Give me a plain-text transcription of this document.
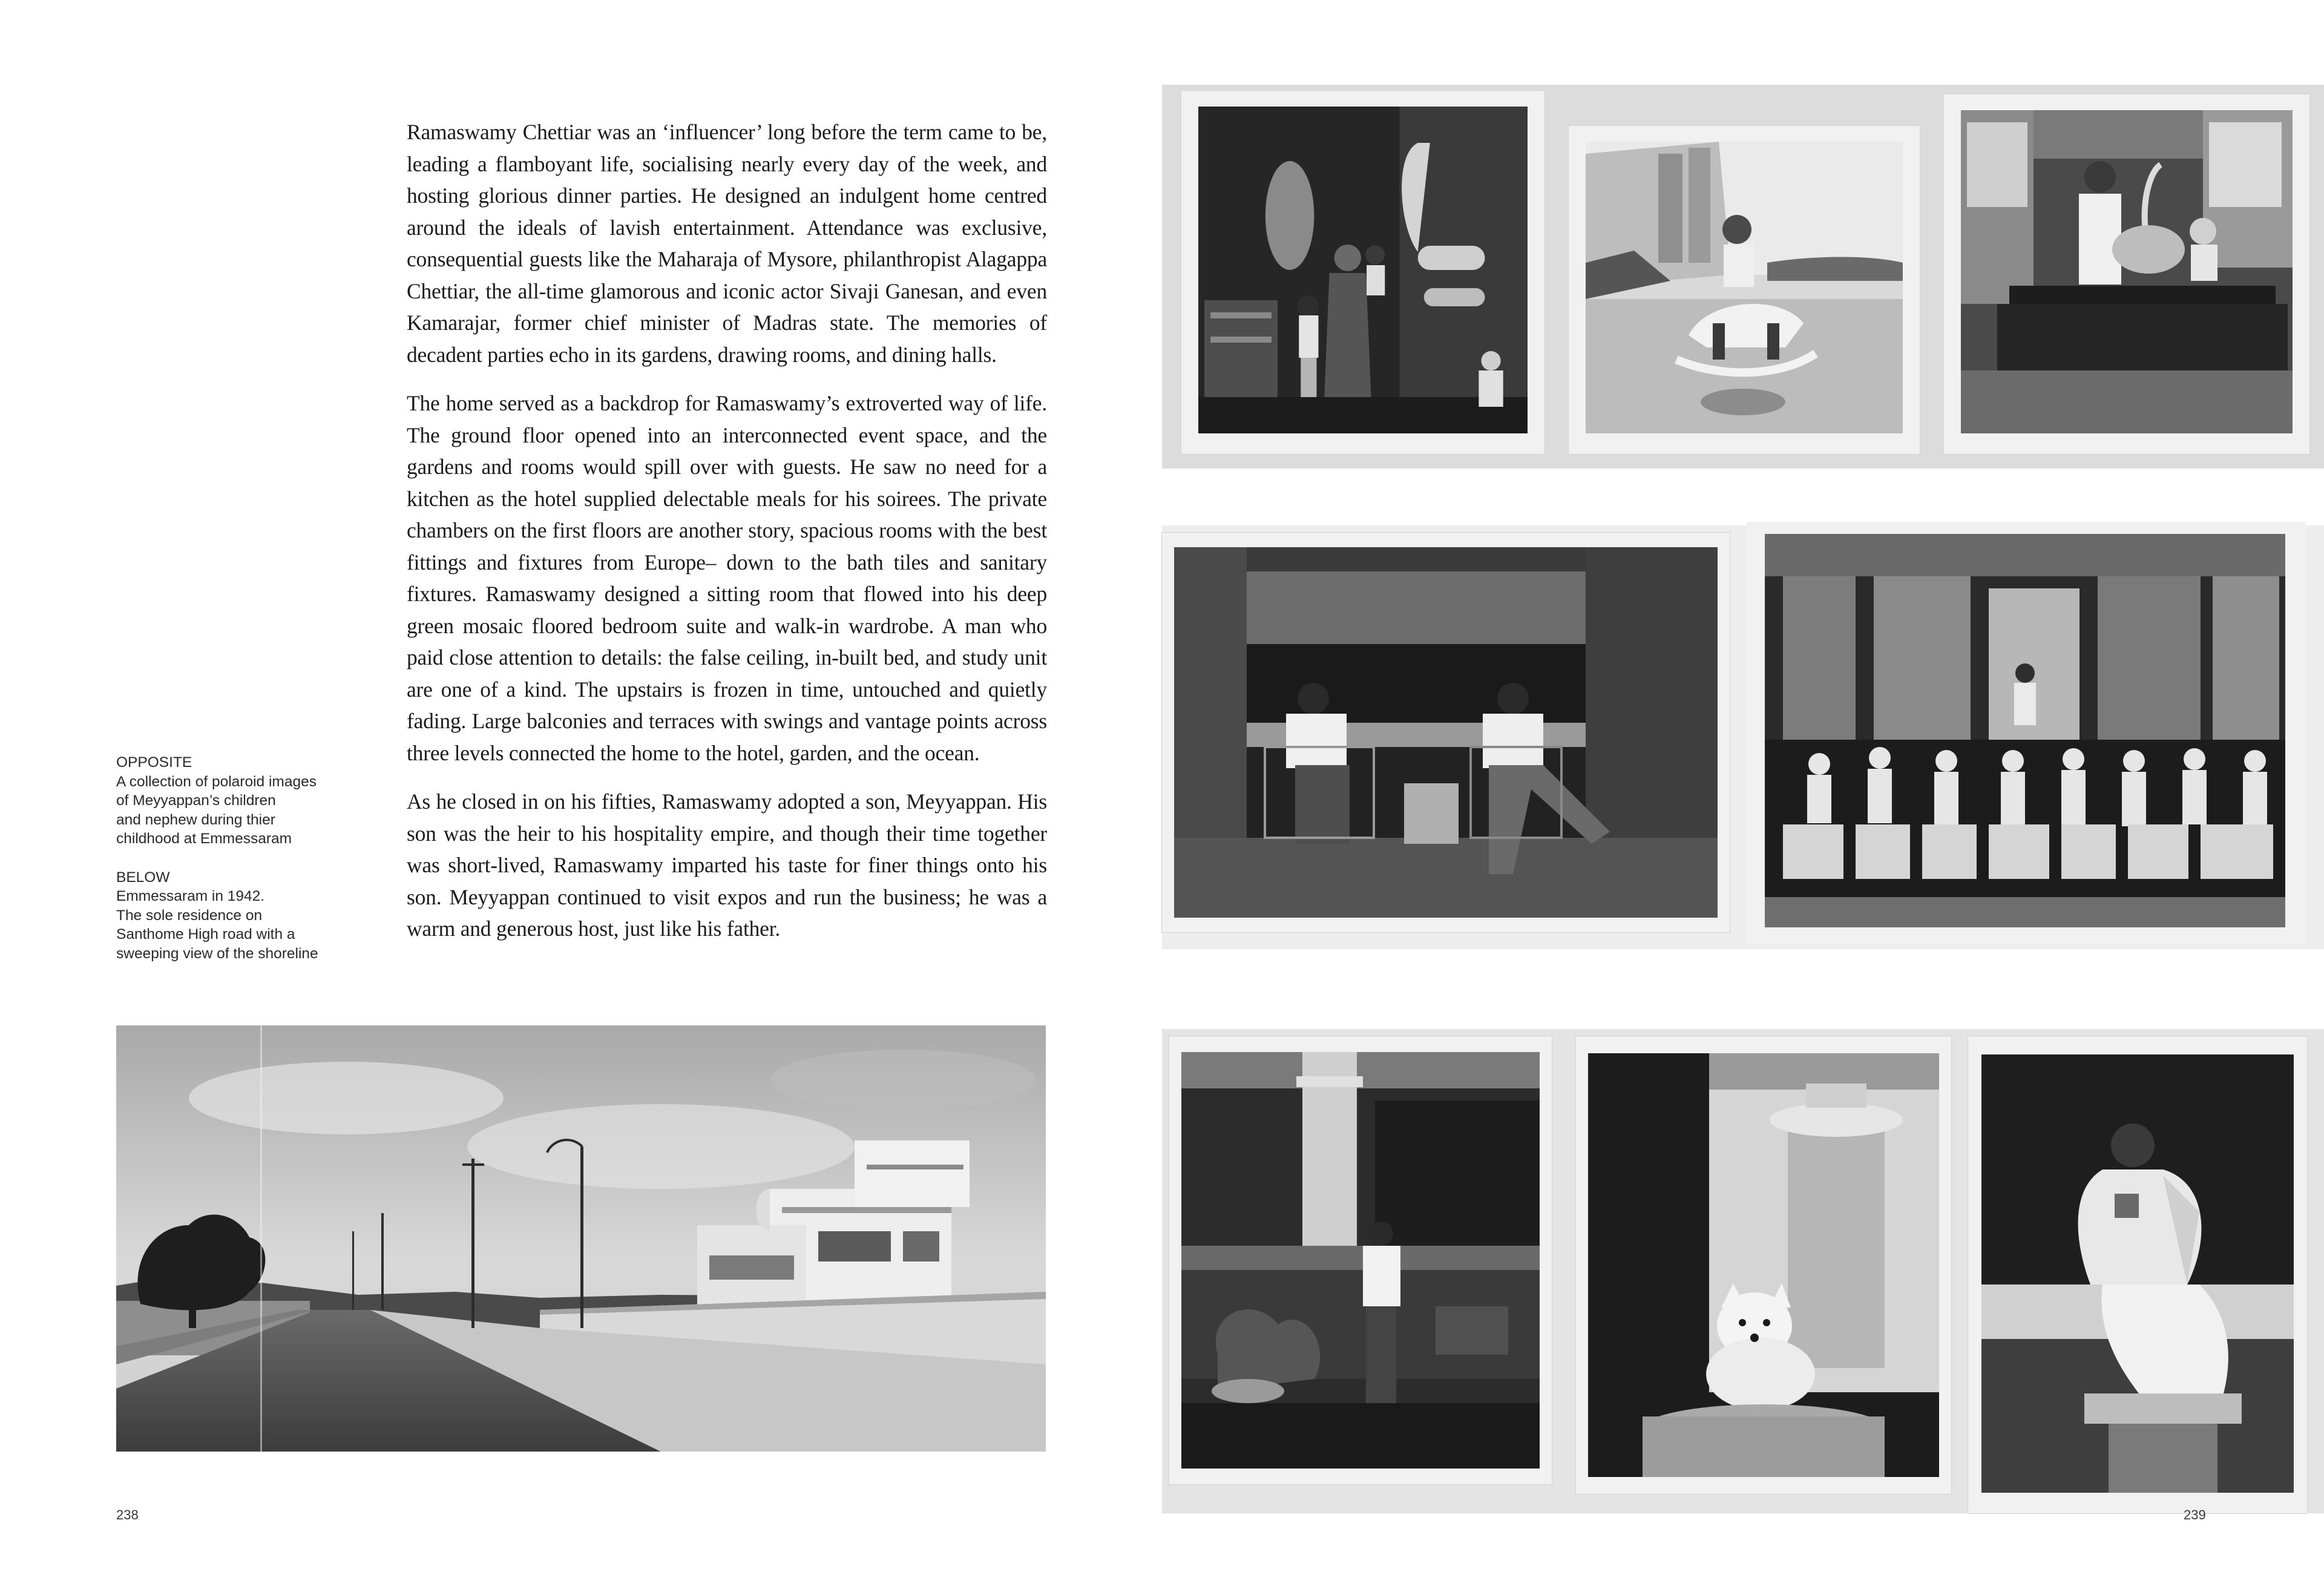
Ramaswamy Chettiar was an ‘influencer’ long before the term came to be, leading a flamboyant life, socialising nearly every day of the week, and hosting glorious dinner parties. He designed an indulgent home centred around the ideals of lavish entertainment. Attendance was exclusive, consequential guests like the Maharaja of Mysore, philanthropist Alagappa Chettiar, the all-time glamorous and iconic actor Sivaji Ganesan, and even Kamarajar, former chief minister of Madras state. The memories of decadent parties echo in its gardens, drawing rooms, and dining halls.

The home served as a backdrop for Ramaswamy’s extroverted way of life. The ground floor opened into an interconnected event space, and the gardens and rooms would spill over with guests. He saw no need for a kitchen as the hotel supplied delectable meals for his soirees. The private chambers on the first floors are another story, spacious rooms with the best fittings and fixtures from Europe– down to the bath tiles and sanitary fixtures. Ramaswamy designed a sitting room that flowed into his deep green mosaic floored bedroom suite and walk-in wardrobe. A man who paid close attention to details: the false ceiling, in-built bed, and study unit are one of a kind. The upstairs is frozen in time, untouched and quietly fading. Large balconies and terraces with swings and vantage points across three levels connected the home to the hotel, garden, and the ocean.

As he closed in on his fifties, Ramaswamy adopted a son, Meyyappan. His son was the heir to his hospitality empire, and though their time together was short-lived, Ramaswamy imparted his taste for finer things onto his son. Meyyappan continued to visit expos and run the business; he was a warm and generous host, just like his father.

OPPOSITE
A collection of polaroid images
of Meyyappan’s children
and nephew during thier
childhood at Emmessaram
BELOW
Emmessaram in 1942.
The sole residence on
Santhome High road with a
sweeping view of the shoreline
238	239
